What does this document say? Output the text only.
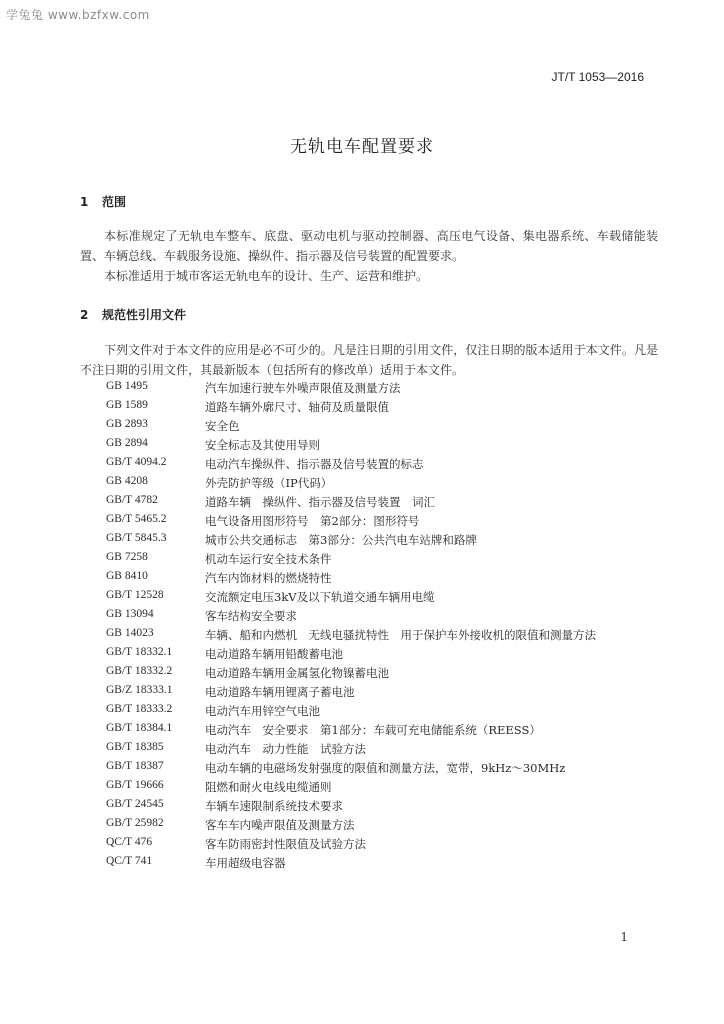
学兔兔 www.bzfxw.com
JT/T 1053—2016
无轨电车配置要求
1 范围
本标准规定了无轨电车整车、底盘、驱动电机与驱动控制器、高压电气设备、集电器系统、车载储能装置、车辆总线、车载服务设施、操纵件、指示器及信号装置的配置要求。
本标准适用于城市客运无轨电车的设计、生产、运营和维护。
2 规范性引用文件
下列文件对于本文件的应用是必不可少的。凡是注日期的引用文件，仅注日期的版本适用于本文件。凡是不注日期的引用文件，其最新版本（包括所有的修改单）适用于本文件。
GB 1495	汽车加速行驶车外噪声限值及测量方法
GB 1589	道路车辆外廓尺寸、轴荷及质量限值
GB 2893	安全色
GB 2894	安全标志及其使用导则
GB/T 4094.2	电动汽车操纵件、指示器及信号装置的标志
GB 4208	外壳防护等级（IP代码）
GB/T 4782	道路车辆　操纵件、指示器及信号装置　词汇
GB/T 5465.2	电气设备用图形符号　第2部分：图形符号
GB/T 5845.3	城市公共交通标志　第3部分：公共汽电车站牌和路牌
GB 7258	机动车运行安全技术条件
GB 8410	汽车内饰材料的燃烧特性
GB/T 12528	交流额定电压3kV及以下轨道交通车辆用电缆
GB 13094	客车结构安全要求
GB 14023	车辆、船和内燃机　无线电骚扰特性　用于保护车外接收机的限值和测量方法
GB/T 18332.1	电动道路车辆用铅酸蓄电池
GB/T 18332.2	电动道路车辆用金属氢化物镍蓄电池
GB/Z 18333.1	电动道路车辆用锂离子蓄电池
GB/T 18333.2	电动汽车用锌空气电池
GB/T 18384.1	电动汽车　安全要求　第1部分：车载可充电储能系统（REESS）
GB/T 18385	电动汽车　动力性能　试验方法
GB/T 18387	电动车辆的电磁场发射强度的限值和测量方法，宽带，9kHz～30MHz
GB/T 19666	阻燃和耐火电线电缆通则
GB/T 24545	车辆车速限制系统技术要求
GB/T 25982	客车车内噪声限值及测量方法
QC/T 476	客车防雨密封性限值及试验方法
QC/T 741	车用超级电容器
1
